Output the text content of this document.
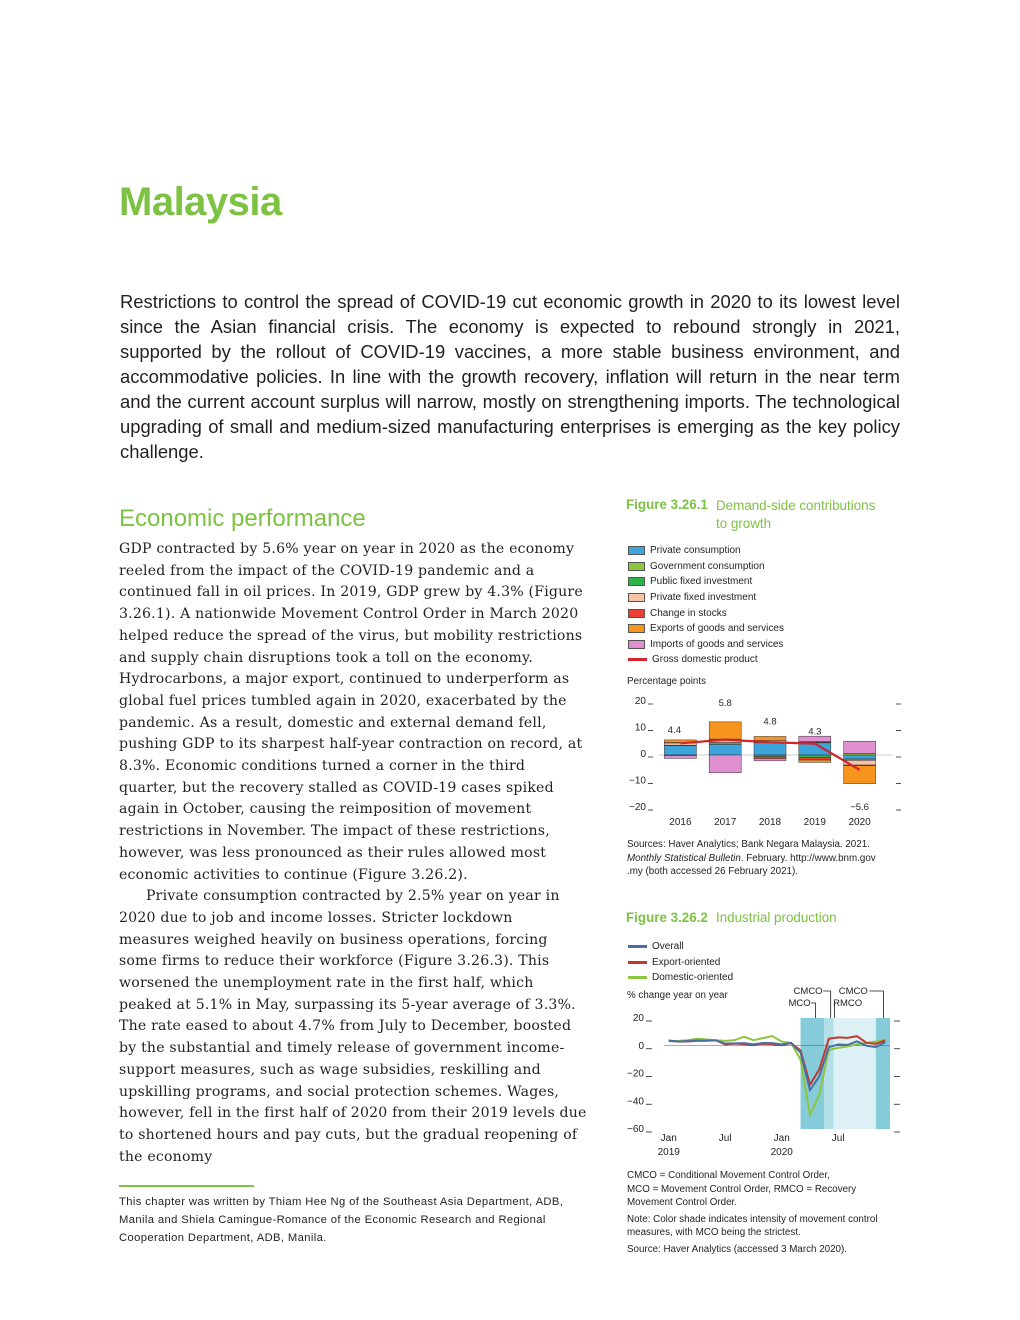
Malaysia
Restrictions to control the spread of COVID-19 cut economic growth in 2020 to its lowest level since the Asian financial crisis. The economy is expected to rebound strongly in 2021, supported by the rollout of COVID-19 vaccines, a more stable business environment, and accommodative policies. In line with the growth recovery, inflation will return in the near term and the current account surplus will narrow, mostly on strengthening imports. The technological upgrading of small and medium-sized manufacturing enterprises is emerging as the key policy challenge.
Economic performance

GDP contracted by 5.6% year on year in 2020 as the economy reeled from the impact of the COVID-19 pandemic and a continued fall in oil prices. In 2019, GDP grew by 4.3% (Figure 3.26.1). A nationwide Movement Control Order in March 2020 helped reduce the spread of the virus, but mobility restrictions and supply chain disruptions took a toll on the economy. Hydrocarbons, a major export, continued to underperform as global fuel prices tumbled again in 2020, exacerbated by the pandemic. As a result, domestic and external demand fell, pushing GDP to its sharpest half-year contraction on record, at 8.3%. Economic conditions turned a corner in the third quarter, but the recovery stalled as COVID-19 cases spiked again in October, causing the reimposition of movement restrictions in November. The impact of these restrictions, however, was less pronounced as their rules allowed most economic activities to continue (Figure 3.26.2).

Private consumption contracted by 2.5% year on year in 2020 due to job and income losses. Stricter lockdown measures weighed heavily on business operations, forcing some firms to reduce their workforce (Figure 3.26.3). This worsened the unemployment rate in the first half, which peaked at 5.1% in May, surpassing its 5-year average of 3.3%. The rate eased to about 4.7% from July to December, boosted by the substantial and timely release of government income-support measures, such as wage subsidies, reskilling and upskilling programs, and social protection schemes. Wages, however, fell in the first half of 2020 from their 2019 levels due to shortened hours and pay cuts, but the gradual reopening of the economy

This chapter was written by Thiam Hee Ng of the Southeast Asia Department, ADB, Manila and Shiela Camingue-Romance of the Economic Research and Regional Cooperation Department, ADB, Manila.
Figure 3.26.1 Demand-side contributions
to growth
Private consumption
Government consumption
Public fixed investment
Private fixed investment
Change in stocks
Exports of goods and services
Imports of goods and services
Gross domestic product
Percentage points
20
10
0
−10
−20
2016 2017 2018 2019 2020
4.4
5.8
4.8
4.3
−5.6
Sources: Haver Analytics; Bank Negara Malaysia. 2021.
Monthly Statistical Bulletin. February. http://www.bnm.gov
.my (both accessed 26 February 2021).
Figure 3.26.2 Industrial production
Overall
Export-oriented
Domestic-oriented
% change year on year	CMCO
MCO
CMCO
RMCO
20
0
−20
−40
−60
Jan
2019
Jul	Jan
2020
Jul
CMCO = Conditional Movement Control Order,
MCO = Movement Control Order, RMCO = Recovery
Movement Control Order.
Note: Color shade indicates intensity of movement control
measures, with MCO being the strictest.
Source: Haver Analytics (accessed 3 March 2020).
